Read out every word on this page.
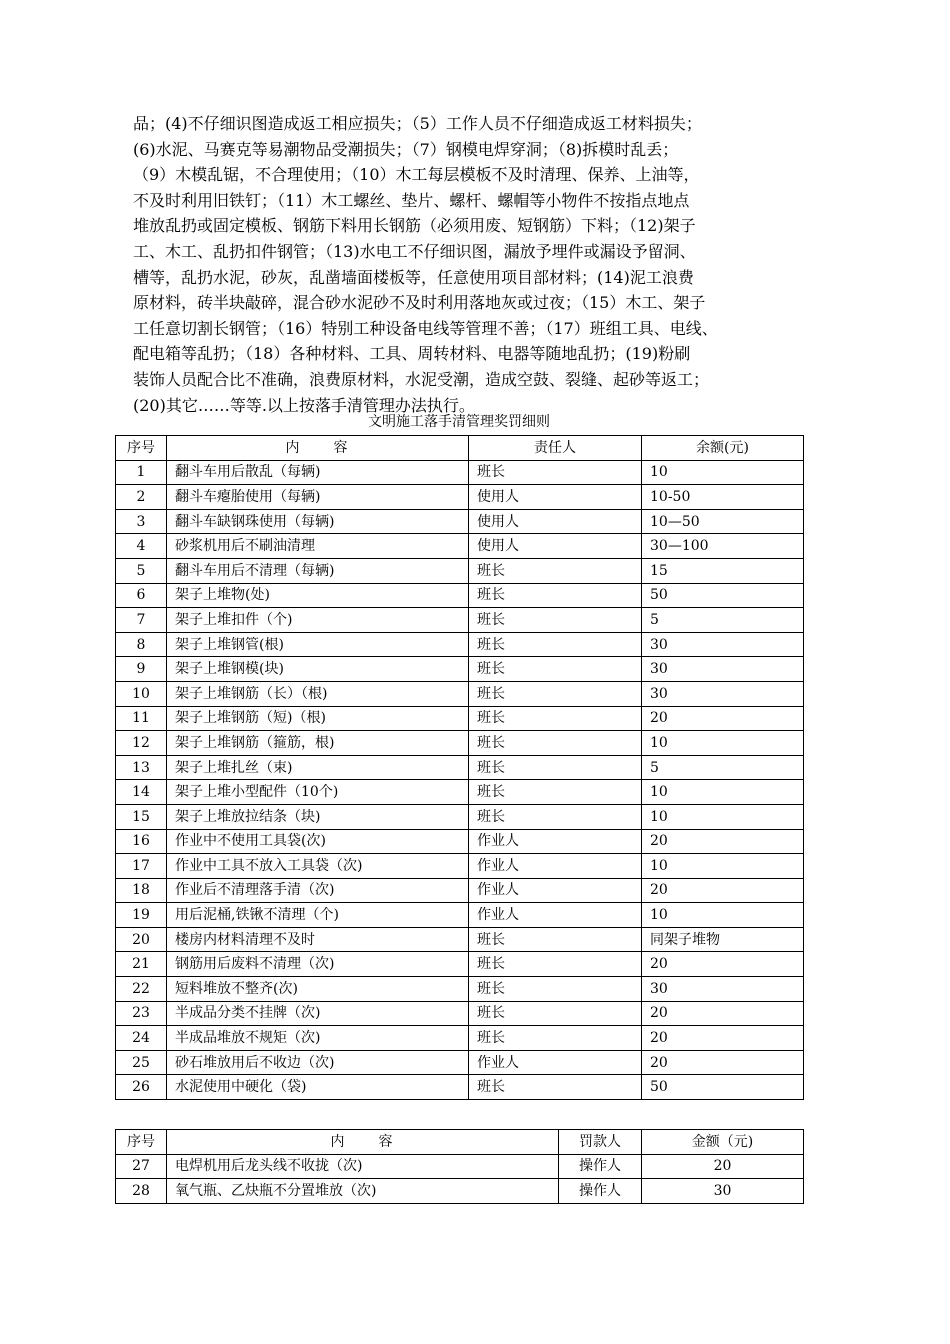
品；(4)不仔细识图造成返工相应损失；（5）工作人员不仔细造成返工材料损失；
(6)水泥、马赛克等易潮物品受潮损失；（7）钢模电焊穿洞；（8)拆模时乱丢；
（9）木模乱锯，不合理使用；（10）木工每层模板不及时清理、保养、上油等，
不及时利用旧铁钉；（11）木工螺丝、垫片、螺杆、螺帽等小物件不按指点地点
堆放乱扔或固定模板、钢筋下料用长钢筋（必须用废、短钢筋）下料；（12)架子
工、木工、乱扔扣件钢管；（13)水电工不仔细识图，漏放予埋件或漏设予留洞、
槽等，乱扔水泥，砂灰，乱凿墙面楼板等，任意使用项目部材料；(14)泥工浪费
原材料，砖半块敲碎，混合砂水泥砂不及时利用落地灰或过夜；（15）木工、架子
工任意切割长钢管；（16）特别工种设备电线等管理不善；（17）班组工具、电线、
配电箱等乱扔；（18）各种材料、工具、周转材料、电器等随地乱扔；(19)粉刷
装饰人员配合比不准确，浪费原材料，水泥受潮，造成空鼓、裂缝、起砂等返工；
(20)其它……等等.以上按落手清管理办法执行。
文明施工落手清管理奖罚细则
序号	内　　容	责任人	余额(元)
1	翻斗车用后散乱（每辆)	班长	10
2	翻斗车瘪胎使用（每辆)	使用人	10-50
3	翻斗车缺钢珠使用（每辆)	使用人	10—50
4	砂浆机用后不刷油清理	使用人	30—100
5	翻斗车用后不清理（每辆)	班长	15
6	架子上堆物(处)	班长	50
7	架子上堆扣件（个)	班长	5
8	架子上堆钢管(根)	班长	30
9	架子上堆钢模(块)	班长	30
10	架子上堆钢筋（长）（根)	班长	30
11	架子上堆钢筋（短)（根)	班长	20
12	架子上堆钢筋（箍筋，根)	班长	10
13	架子上堆扎丝（束)	班长	5
14	架子上堆小型配件（10个)	班长	10
15	架子上堆放拉结条（块)	班长	10
16	作业中不使用工具袋(次)	作业人	20
17	作业中工具不放入工具袋（次)	作业人	10
18	作业后不清理落手清（次)	作业人	20
19	用后泥桶,铁锹不清理（个)	作业人	10
20	楼房内材料清理不及时	班长	同架子堆物
21	钢筋用后废料不清理（次)	班长	20
22	短料堆放不整齐(次)	班长	30
23	半成品分类不挂牌（次)	班长	20
24	半成品堆放不规矩（次)	班长	20
25	砂石堆放用后不收边（次)	作业人	20
26	水泥使用中硬化（袋)	班长	50
序号	内　　容	罚款人	金额（元)
27	电焊机用后龙头线不收拢（次)	操作人	20
28	氧气瓶、乙炔瓶不分置堆放（次)	操作人	30
